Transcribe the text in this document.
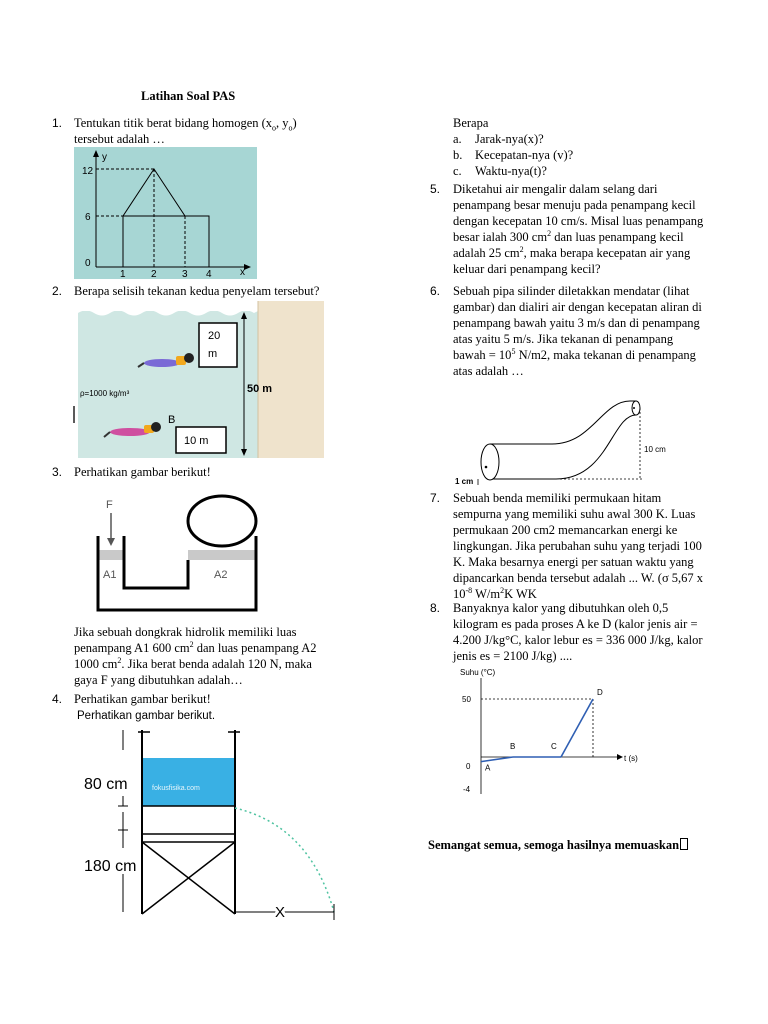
Latihan Soal PAS
1. Tentukan titik berat bidang homogen ($x_o$, $y_o$)
tersebut adalah …
y
x
12
6
0
1	2	3 4
2. Berapa selisih tekanan kedua penyelam tersebut?
20
m
ρ=1000 kg/m³	50 m
B
10 m
3. Perhatikan gambar berikut!
F
A1	A2
Jika sebuah dongkrak hidrolik memiliki luas
penampang A1 600 $cm^2$ dan luas penampang A2
1000 $cm^2$. Jika berat benda adalah 120 N, maka
gaya F yang dibutuhkan adalah…
4. Perhatikan gambar berikut!
Perhatikan gambar berikut.
fokusfisika.com
80 cm
180 cm
X
Berapa
a. Jarak-nya(x)?
b. Kecepatan-nya (v)?
c. Waktu-nya(t)?
5. Diketahui air mengalir dalam selang dari
penampang besar menuju pada penampang kecil
dengan kecepatan 10 cm/s. Misal luas penampang
besar ialah 300 $cm^2$ dan luas penampang kecil
adalah 25 $cm^2$, maka berapa kecepatan air yang
keluar dari penampang kecil?
6. Sebuah pipa silinder diletakkan mendatar (lihat
gambar) dan dialiri air dengan kecepatan aliran di
penampang bawah yaitu 3 m/s dan di penampang
atas yaitu 5 m/s. Jika tekanan di penampang
bawah = $10^5$ N/m2, maka tekanan di penampang
atas adalah …
10 cm
1 cm
7. Sebuah benda memiliki permukaan hitam
sempurna yang memiliki suhu awal 300 K. Luas
permukaan 200 cm2 memancarkan energi ke
lingkungan. Jika perubahan suhu yang terjadi 100
K. Maka besarnya energi per satuan waktu yang
dipancarkan benda tersebut adalah ... W. (σ 5,67 x
$10^{-8}$ $W/m^2K$ WK
8. Banyaknya kalor yang dibutuhkan oleh 0,5
kilogram es pada proses A ke D (kalor jenis air =
4.200 J/kg°C, kalor lebur es = 336 000 J/kg, kalor
jenis es = 2100 J/kg) ....
Suhu (°C)
t (s)
50
0
-4
A
B	C
D
Semangat semua, semoga hasilnya memuaskan
